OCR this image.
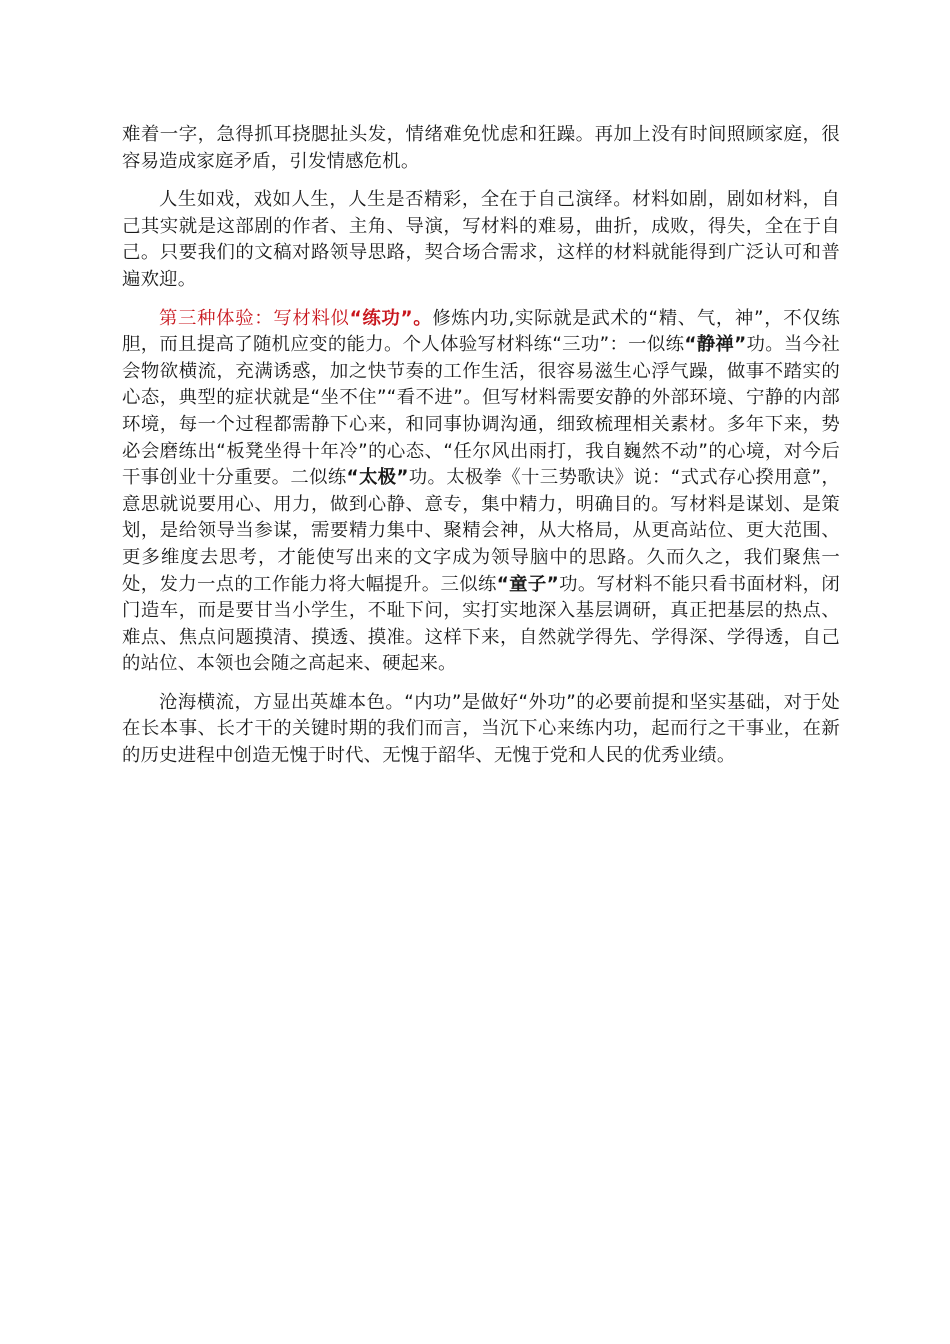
难着一字，急得抓耳挠腮扯头发，情绪难免忧虑和狂躁。再加上没有时间照顾家庭，很容易造成家庭矛盾，引发情感危机。

人生如戏，戏如人生，人生是否精彩，全在于自己演绎。材料如剧，剧如材料，自己其实就是这部剧的作者、主角、导演，写材料的难易，曲折，成败，得失，全在于自己。只要我们的文稿对路领导思路，契合场合需求，这样的材料就能得到广泛认可和普遍欢迎。

第三种体验：写材料似“练功”。修炼内功,实际就是武术的“精、气，神”，不仅练胆，而且提高了随机应变的能力。个人体验写材料练“三功”：一似练“静禅”功。当今社会物欲横流，充满诱惑，加之快节奏的工作生活，很容易滋生心浮气躁，做事不踏实的心态，典型的症状就是“坐不住”“看不进”。但写材料需要安静的外部环境、宁静的内部环境，每一个过程都需静下心来，和同事协调沟通，细致梳理相关素材。多年下来，势必会磨练出“板凳坐得十年冷”的心态、“任尔风出雨打，我自巍然不动”的心境，对今后干事创业十分重要。二似练“太极”功。太极拳《十三势歌诀》说：“式式存心揆用意”，意思就说要用心、用力，做到心静、意专，集中精力，明确目的。写材料是谋划、是策划，是给领导当参谋，需要精力集中、聚精会神，从大格局，从更高站位、更大范围、更多维度去思考，才能使写出来的文字成为领导脑中的思路。久而久之，我们聚焦一处，发力一点的工作能力将大幅提升。三似练“童子”功。写材料不能只看书面材料，闭门造车，而是要甘当小学生，不耻下问，实打实地深入基层调研，真正把基层的热点、难点、焦点问题摸清、摸透、摸准。这样下来，自然就学得先、学得深、学得透，自己的站位、本领也会随之高起来、硬起来。

沧海横流，方显出英雄本色。“内功”是做好“外功”的必要前提和坚实基础，对于处在长本事、长才干的关键时期的我们而言，当沉下心来练内功，起而行之干事业，在新的历史进程中创造无愧于时代、无愧于韶华、无愧于党和人民的优秀业绩。
